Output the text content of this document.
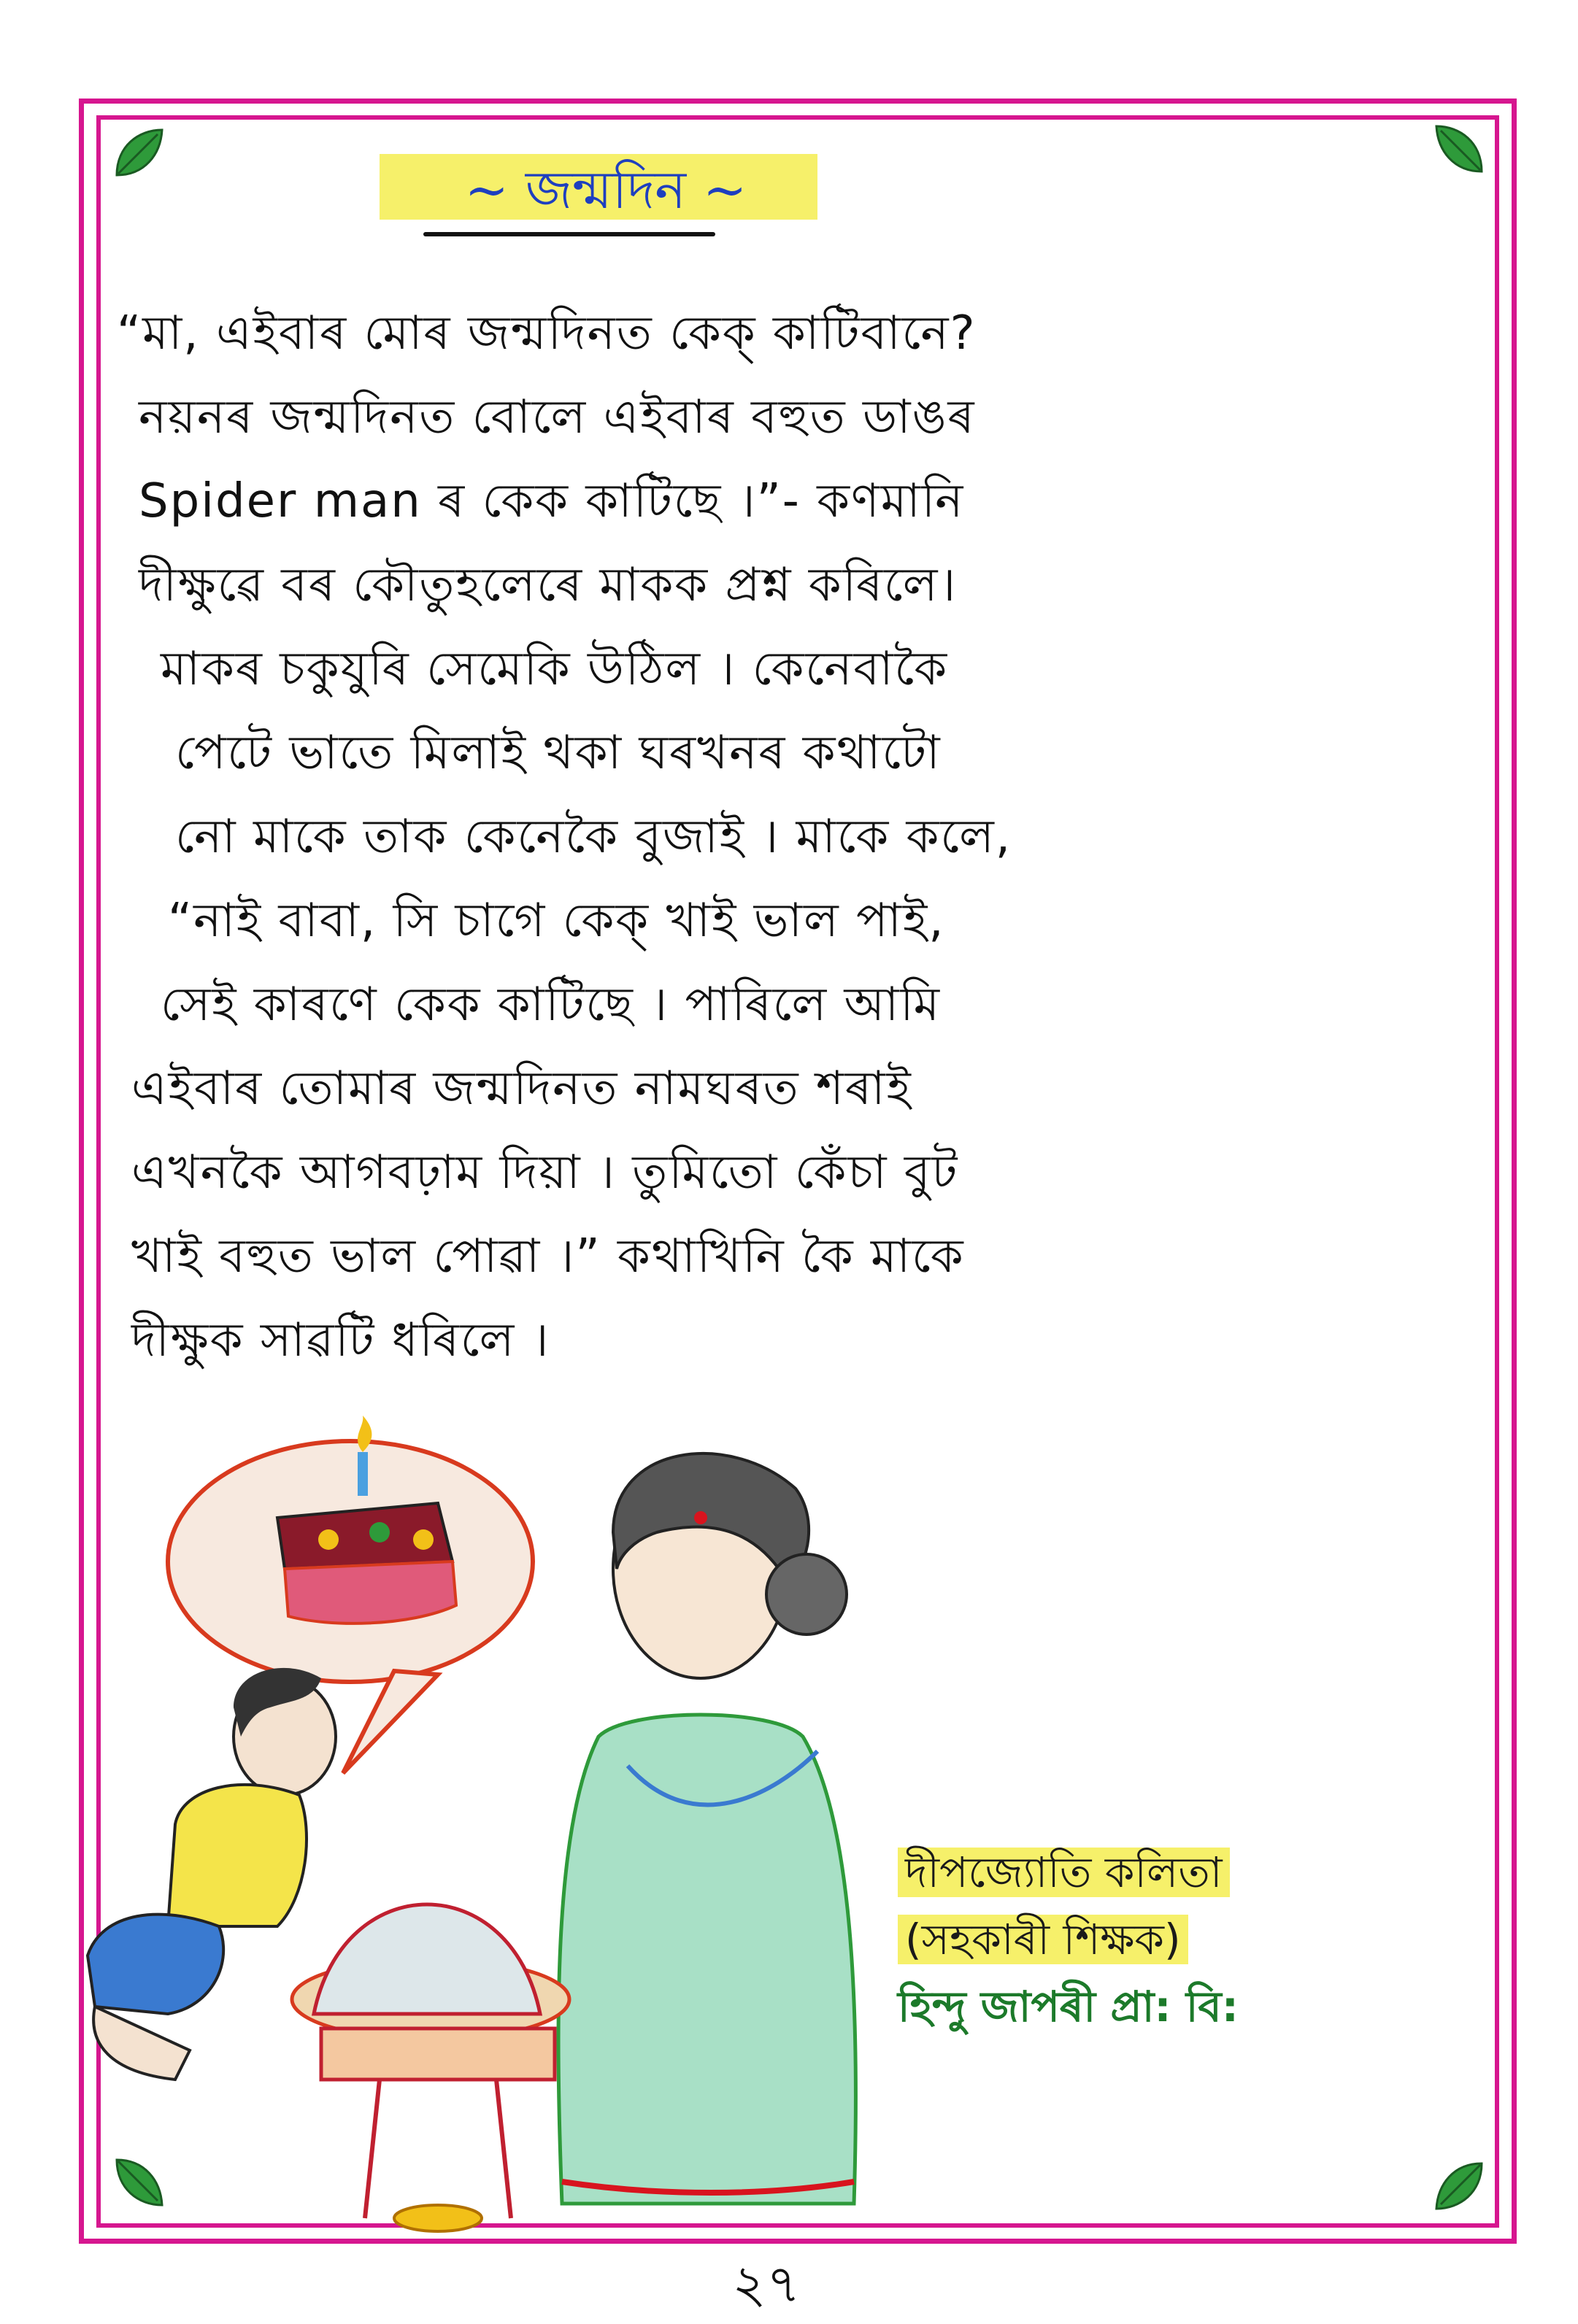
~ জন্মদিন ~
“মা, এইবাৰ মোৰ জন্মদিনত কেক্ কাটিবানে?
নয়নৰ জন্মদিনত বোলে এইবাৰ বহুত ডাঙৰ
Spider man ৰ কেক কাটিছে ।”- কণমানি
দীক্ষুৱে বৰ কৌতুহলেৰে মাকক প্ৰশ্ন কৰিলে।
মাকৰ চকুযুৰি সেমেকি উঠিল । কেনেবাকৈ
পেটে ভাতে মিলাই থকা ঘৰখনৰ কথাটো
নো মাকে তাক কেনেকৈ বুজাই । মাকে কলে,
“নাই বাবা, সি চাগে কেক্ খাই ভাল পাই,
সেই কাৰণে কেক কাটিছে । পাৰিলে আমি
এইবাৰ তোমাৰ জন্মদিনত নামঘৰত শৰাই
এখনকৈ আগবঢ়াম দিয়া । তুমিতো কেঁচা বুট
খাই বহুত ভাল পোৱা ।” কথাখিনি কৈ মাকে
দীক্ষুক সাৱটি ধৰিলে ।
দীপজ্যোতি কলিতা
(সহকাৰী শিক্ষক)
হিন্দু জাপৰী প্ৰা: বি:
২৭
